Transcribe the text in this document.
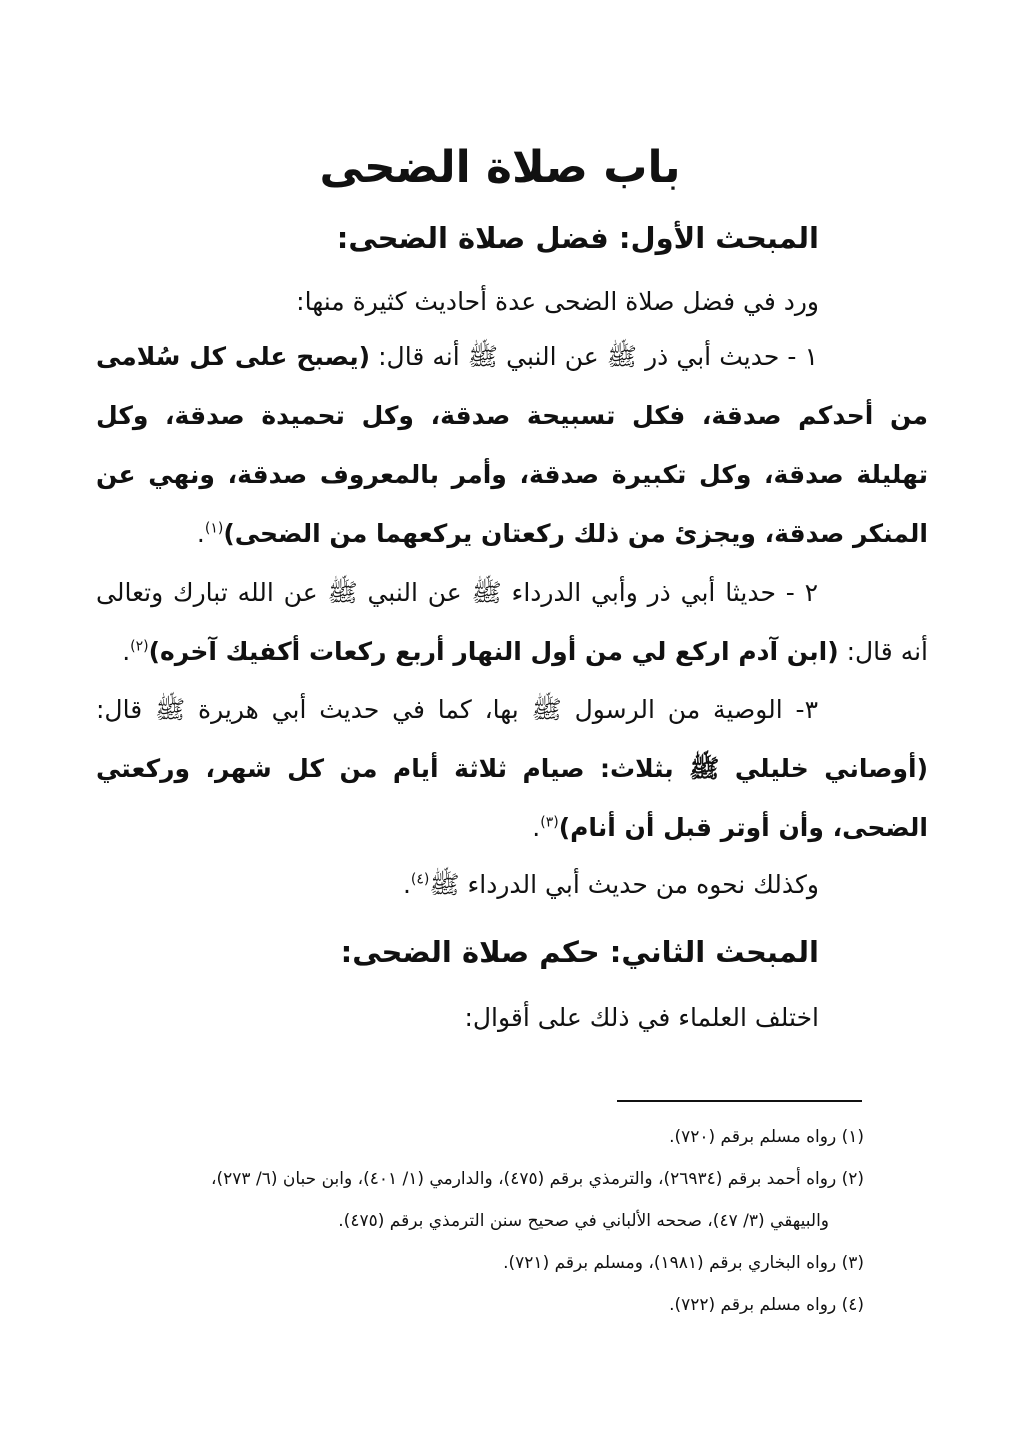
باب صلاة الضحى
المبحث الأول: فضل صلاة الضحى:

ورد في فضل صلاة الضحى عدة أحاديث كثيرة منها:

١ - حديث أبي ذر ﷺ عن النبي ﷺ أنه قال: (يصبح على كل سُلامى من أحدكم صدقة، فكل تسبيحة صدقة، وكل تحميدة صدقة، وكل تهليلة صدقة، وكل تكبيرة صدقة، وأمر بالمعروف صدقة، ونهي عن المنكر صدقة، ويجزئ من ذلك ركعتان يركعهما من الضحى)$^{(١)}$.

٢ - حديثا أبي ذر وأبي الدرداء ﷺ عن النبي ﷺ عن الله تبارك وتعالى أنه قال: (ابن آدم اركع لي من أول النهار أربع ركعات أكفيك آخره)$^{(٢)}$.

٣- الوصية من الرسول ﷺ بها، كما في حديث أبي هريرة ﷺ قال: (أوصاني خليلي ﷺ بثلاث: صيام ثلاثة أيام من كل شهر، وركعتي الضحى، وأن أوتر قبل أن أنام)$^{(٣)}$.

وكذلك نحوه من حديث أبي الدرداء ﷺ$^{(٤)}$.

المبحث الثاني: حكم صلاة الضحى:

اختلف العلماء في ذلك على أقوال:

(١) رواه مسلم برقم (٧٢٠).
(٢) رواه أحمد برقم (٢٦٩٣٤)، والترمذي برقم (٤٧٥)، والدارمي (١/ ٤٠١)، وابن حبان (٦/ ٢٧٣)،
والبيهقي (٣/ ٤٧)، صححه الألباني في صحيح سنن الترمذي برقم (٤٧٥).
(٣) رواه البخاري برقم (١٩٨١)، ومسلم برقم (٧٢١).
(٤) رواه مسلم برقم (٧٢٢).
